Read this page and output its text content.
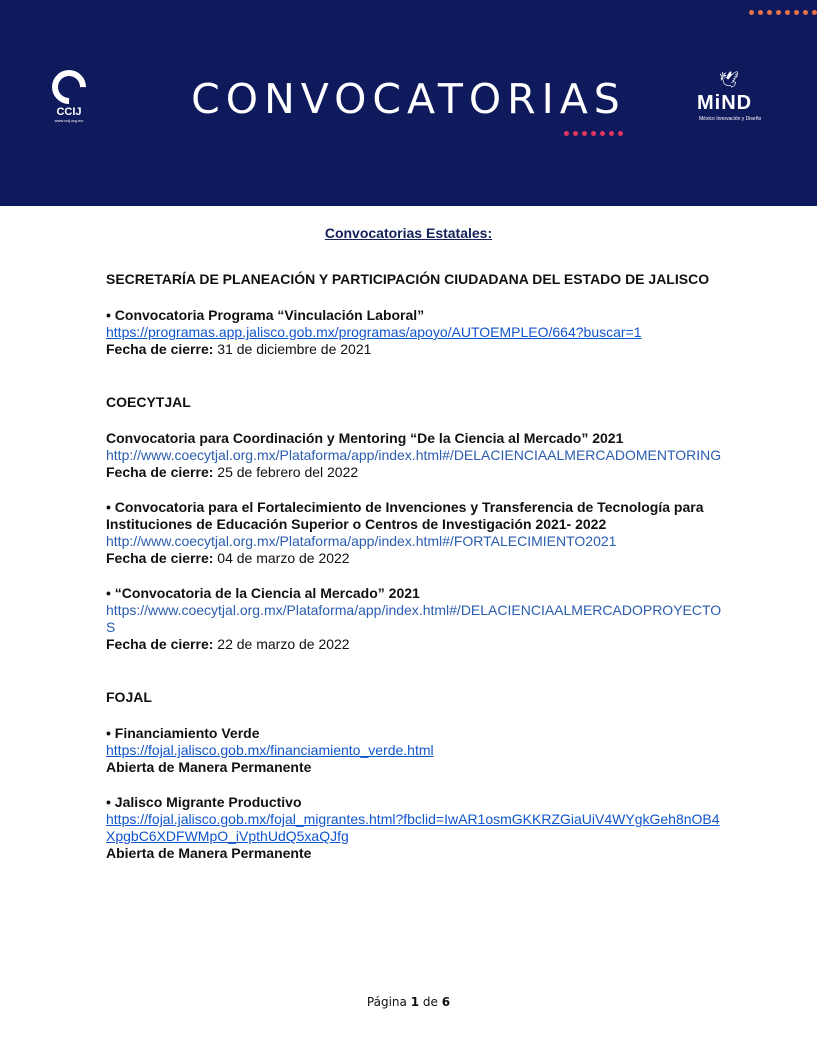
CCIJ
www.ccij.org.mx	CONVOCATORIAS	🕊
MiND
México Innovación y Diseño
Convocatorias Estatales:

SECRETARÍA DE PLANEACIÓN Y PARTICIPACIÓN CIUDADANA DEL ESTADO DE JALISCO

• Convocatoria Programa “Vinculación Laboral”

https://programas.app.jalisco.gob.mx/programas/apoyo/AUTOEMPLEO/664?buscar=1

Fecha de cierre: 31 de diciembre de 2021

COECYTJAL

Convocatoria para Coordinación y Mentoring “De la Ciencia al Mercado” 2021

http://www.coecytjal.org.mx/Plataforma/app/index.html#/DELACIENCIAALMERCADOMENTORING

Fecha de cierre: 25 de febrero del 2022

• Convocatoria para el Fortalecimiento de Invenciones y Transferencia de Tecnología para Instituciones de Educación Superior o Centros de Investigación 2021- 2022

http://www.coecytjal.org.mx/Plataforma/app/index.html#/FORTALECIMIENTO2021

Fecha de cierre: 04 de marzo de 2022

• “Convocatoria de la Ciencia al Mercado” 2021

https://www.coecytjal.org.mx/Plataforma/app/index.html#/DELACIENCIAALMERCADOPROYECTOS

Fecha de cierre: 22 de marzo de 2022

FOJAL

• Financiamiento Verde

https://fojal.jalisco.gob.mx/financiamiento_verde.html

Abierta de Manera Permanente

• Jalisco Migrante Productivo

https://fojal.jalisco.gob.mx/fojal_migrantes.html?fbclid=IwAR1osmGKKRZGiaUiV4WYgkGeh8nOB4XpgbC6XDFWMpO_iVpthUdQ5xaQJfg

Abierta de Manera Permanente

Página 1 de 6
